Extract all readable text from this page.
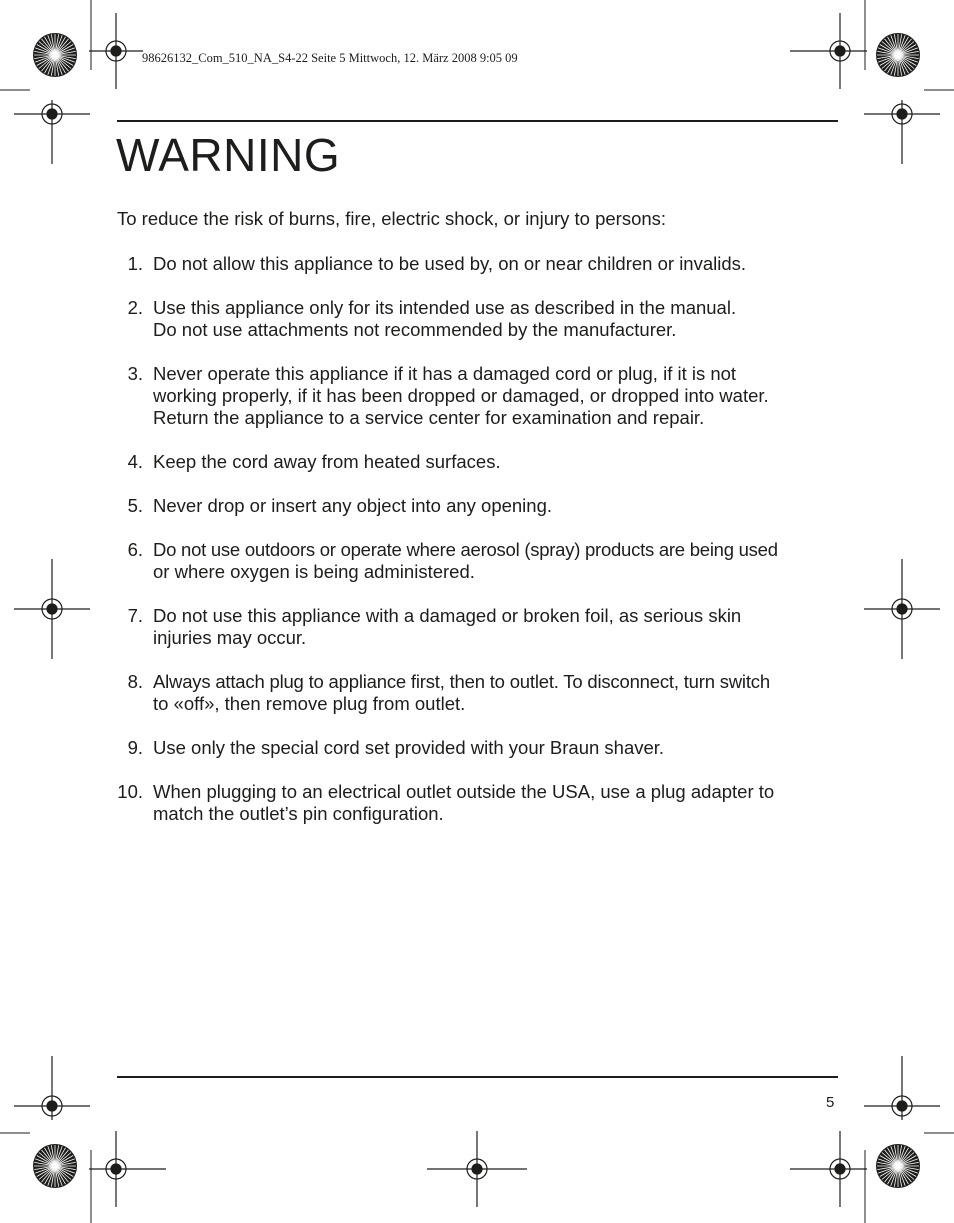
98626132_Com_510_NA_S4-22 Seite 5 Mittwoch, 12. März 2008 9:05 09
WARNING

To reduce the risk of burns, fire, electric shock, or injury to persons:

1. Do not allow this appliance to be used by, on or near children or invalids.
2. Use this appliance only for its intended use as described in the manual.
Do not use attachments not recommended by the manufacturer.
3. Never operate this appliance if it has a damaged cord or plug, if it is not
working properly, if it has been dropped or damaged, or dropped into water.
Return the appliance to a service center for examination and repair.
4. Keep the cord away from heated surfaces.
5. Never drop or insert any object into any opening.
6. Do not use outdoors or operate where aerosol (spray) products are being used
or where oxygen is being administered.
7. Do not use this appliance with a damaged or broken foil, as serious skin
injuries may occur.
8. Always attach plug to appliance first, then to outlet. To disconnect, turn switch
to «off», then remove plug from outlet.
9. Use only the special cord set provided with your Braun shaver.
10. When plugging to an electrical outlet outside the USA, use a plug adapter to
match the outlet’s pin configuration.
5
